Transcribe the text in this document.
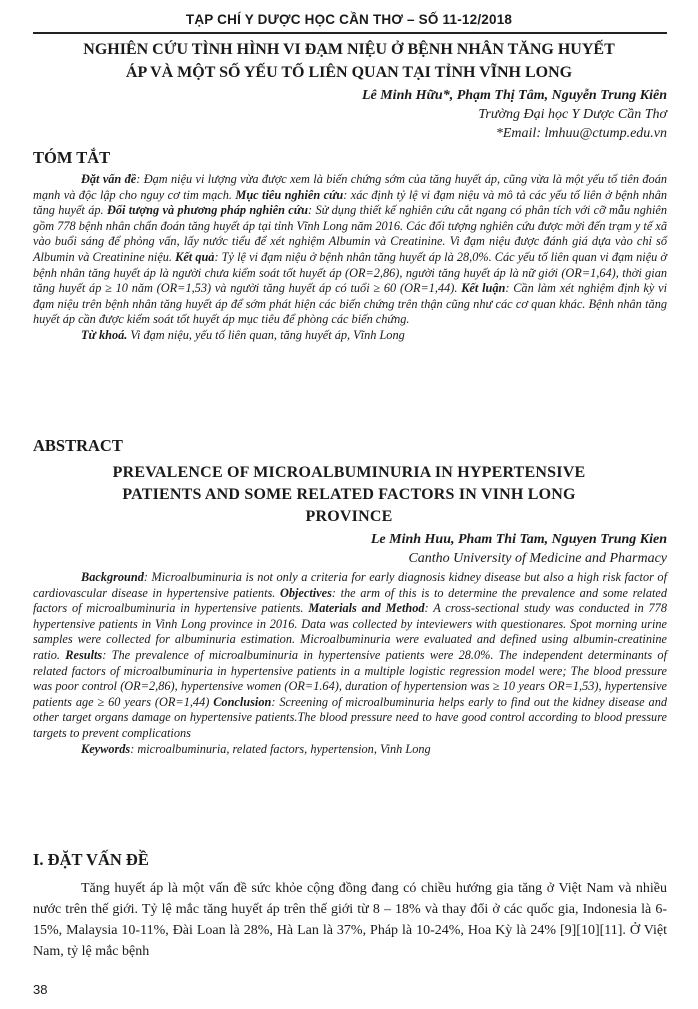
TẠP CHÍ Y DƯỢC HỌC CẦN THƠ – SỐ 11-12/2018
NGHIÊN CỨU TÌNH HÌNH VI ĐẠM NIỆU Ở BỆNH NHÂN TĂNG HUYẾT
ÁP VÀ MỘT SỐ YẾU TỐ LIÊN QUAN TẠI TỈNH VĨNH LONG
Lê Minh Hữu*, Phạm Thị Tâm, Nguyễn Trung Kiên
Trường Đại học Y Dược Cần Thơ
*Email: lmhuu@ctump.edu.vn
TÓM TẮT

Đặt vấn đề: Đạm niệu vi lượng vừa được xem là biến chứng sớm của tăng huyết áp, cũng vừa là một yếu tố tiên đoán mạnh và độc lập cho nguy cơ tim mạch. Mục tiêu nghiên cứu: xác định tỷ lệ vi đạm niệu và mô tả các yếu tố liên ở bệnh nhân tăng huyết áp. Đối tượng và phương pháp nghiên cứu: Sử dụng thiết kế nghiên cứu cắt ngang có phân tích với cỡ mẫu nghiên gồm 778 bệnh nhân chẩn đoán tăng huyết áp tại tỉnh Vĩnh Long năm 2016. Các đối tượng nghiên cứu được mời đến trạm y tế xã vào buổi sáng để phỏng vấn, lấy nước tiểu để xét nghiệm Albumin và Creatinine. Vi đạm niệu được đánh giá dựa vào chỉ số Albumin và Creatinine niệu. Kết quả: Tỷ lệ vi đạm niệu ở bệnh nhân tăng huyết áp là 28,0%. Các yếu tố liên quan vi đạm niệu ở bệnh nhân tăng huyết áp là người chưa kiểm soát tốt huyết áp (OR=2,86), người tăng huyết áp là nữ giới (OR=1,64), thời gian tăng huyết áp ≥ 10 năm (OR=1,53) và người tăng huyết áp có tuổi ≥ 60 (OR=1,44). Kết luận: Cần làm xét nghiệm định kỳ vi đạm niệu trên bệnh nhân tăng huyết áp để sớm phát hiện các biến chứng trên thận cũng như các cơ quan khác. Bệnh nhân tăng huyết áp cần được kiểm soát tốt huyết áp mục tiêu để phòng các biến chứng.

Từ khoá. Vi đạm niệu, yếu tố liên quan, tăng huyết áp, Vĩnh Long

ABSTRACT
PREVALENCE OF MICROALBUMINURIA IN HYPERTENSIVE
PATIENTS AND SOME RELATED FACTORS IN VINH LONG
PROVINCE
Le Minh Huu, Pham Thi Tam, Nguyen Trung Kien
Cantho University of Medicine and Pharmacy

Background: Microalbuminuria is not only a criteria for early diagnosis kidney disease but also a high risk factor of cardiovascular disease in hypertensive patients. Objectives: the arm of this is to determine the prevalence and some related factors of microalbuminuria in hypertensive patients. Materials and Method: A cross-sectional study was conducted in 778 hypertensive patients in Vinh Long province in 2016. Data was collected by inteviewers with questionares. Spot morning urine samples were collected for albuminuria estimation. Microalbuminuria were evaluated and defined using albumin-creatinine ratio. Results: The prevalence of microalbuminuria in hypertensive patients were 28.0%. The independent determinants of related factors of microalbuminuria in hypertensive patients in a multiple logistic regression model were; The blood pressure was poor control (OR=2,86), hypertensive women (OR=1.64), duration of hypertension was ≥ 10 years OR=1,53), hypertensive patients age ≥ 60 years (OR=1,44) Conclusion: Screening of microalbuminuria helps early to find out the kidney disease and other target organs damage on hypertensive patients.The blood pressure need to have good control according to blood pressure targets to prevent complications

Keywords: microalbuminuria, related factors, hypertension, Vinh Long

I. ĐẶT VẤN ĐỀ

Tăng huyết áp là một vấn đề sức khỏe cộng đồng đang có chiều hướng gia tăng ở Việt Nam và nhiều nước trên thế giới. Tỷ lệ mắc tăng huyết áp trên thế giới từ 8 – 18% và thay đổi ở các quốc gia, Indonesia là 6-15%, Malaysia 10-11%, Đài Loan là 28%, Hà Lan là 37%, Pháp là 10-24%, Hoa Kỳ là 24% [9][10][11]. Ở Việt Nam, tỷ lệ mắc bệnh

38
